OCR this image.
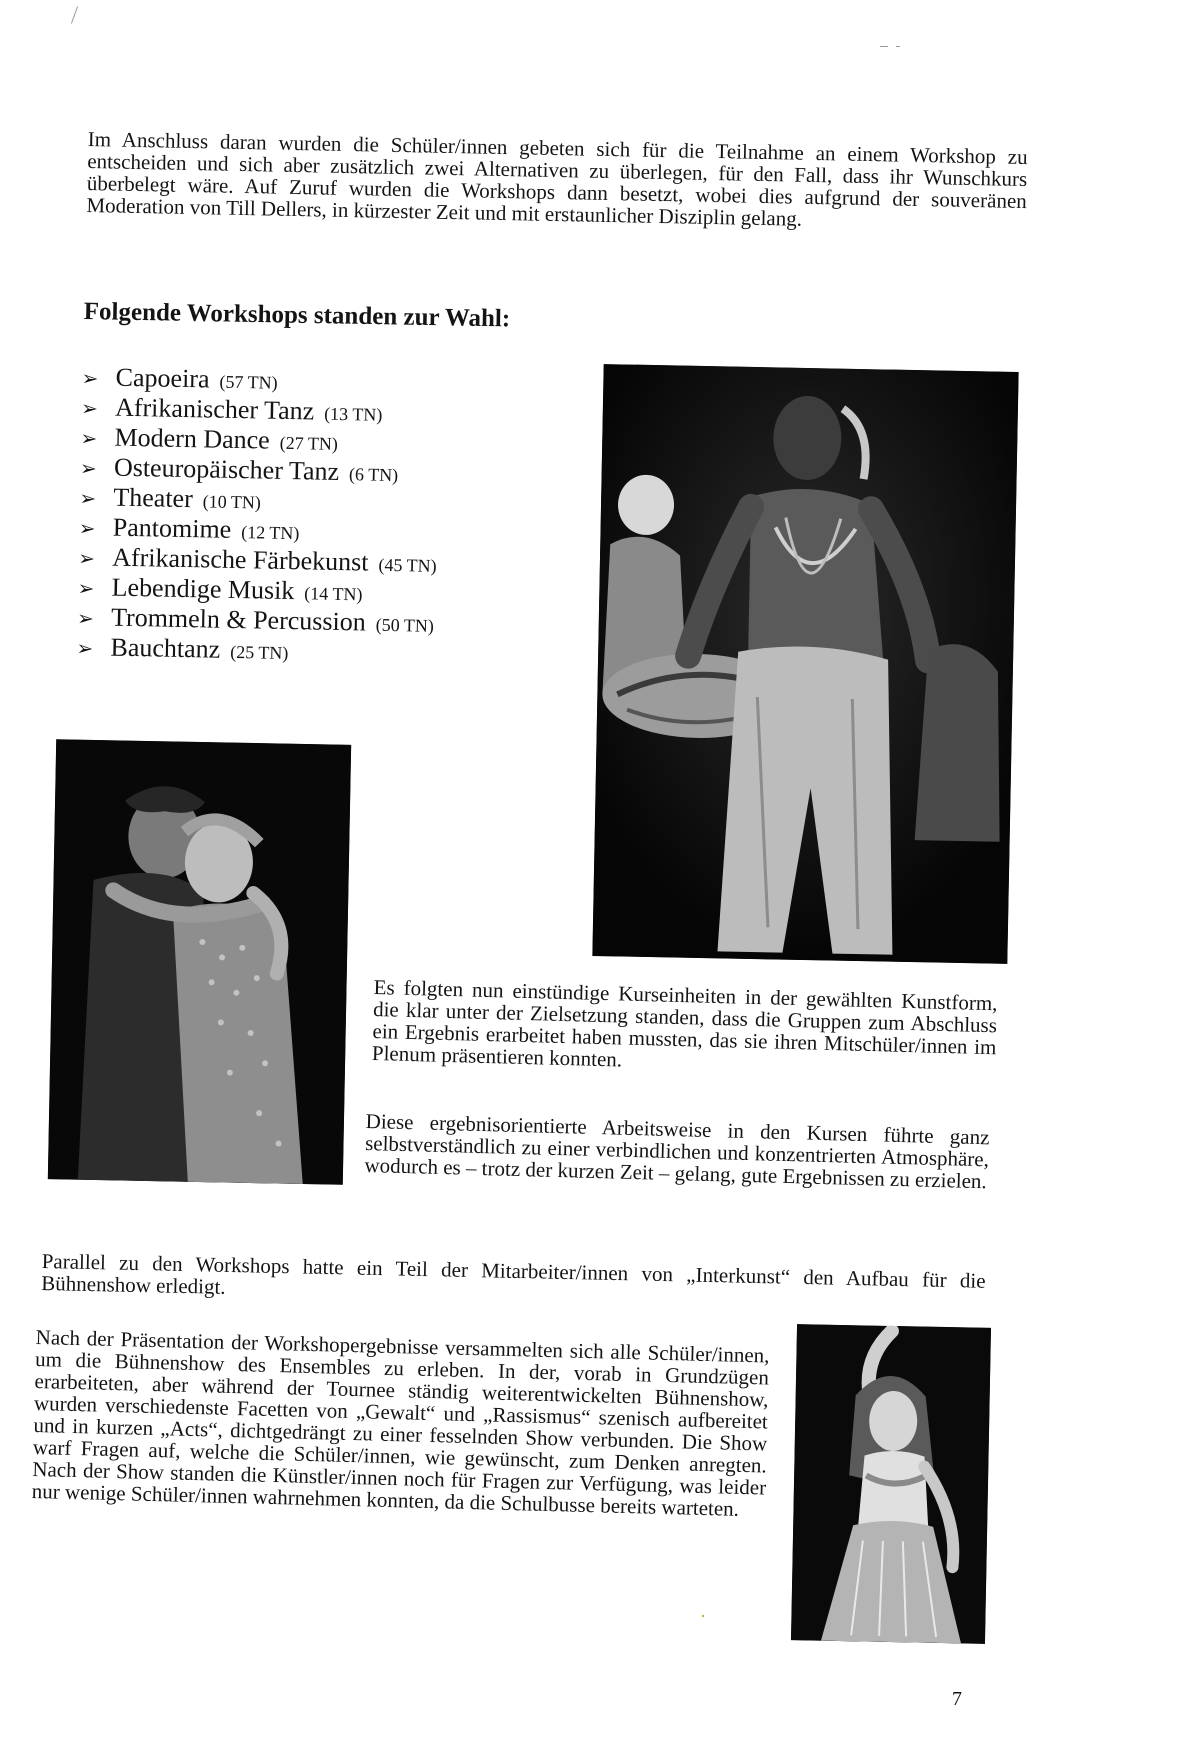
Im Anschluss daran wurden die Schüler/innen gebeten sich für die Teilnahme an einem Workshop zu entscheiden und sich aber zusätzlich zwei Alternativen zu überlegen, für den Fall, dass ihr Wunschkurs überbelegt wäre. Auf Zuruf wurden die Workshops dann besetzt, wobei dies aufgrund der souveränen Moderation von Till Dellers, in kürzester Zeit und mit erstaunlicher Disziplin gelang.

Folgende Workshops standen zur Wahl:
➢ Capoeira (57 TN)
➢ Afrikanischer Tanz (13 TN)
➢ Modern Dance (27 TN)
➢ Osteuropäischer Tanz (6 TN)
➢ Theater (10 TN)
➢ Pantomime (12 TN)
➢ Afrikanische Färbekunst (45 TN)
➢ Lebendige Musik (14 TN)
➢ Trommeln & Percussion (50 TN)
➢ Bauchtanz (25 TN)

Es folgten nun einstündige Kurseinheiten in der gewählten Kunstform, die klar unter der Zielsetzung standen, dass die Gruppen zum Abschluss ein Ergebnis erarbeitet haben mussten, das sie ihren Mitschüler/innen im Plenum präsentieren konnten.

Diese ergebnisorientierte Arbeitsweise in den Kursen führte ganz selbstverständlich zu einer verbindlichen und konzentrierten Atmosphäre, wodurch es – trotz der kurzen Zeit – gelang, gute Ergebnissen zu erzielen.

Parallel zu den Workshops hatte ein Teil der Mitarbeiter/innen von „Interkunst“ den Aufbau für die Bühnenshow erledigt.

Nach der Präsentation der Workshopergebnisse versammelten sich alle Schüler/innen, um die Bühnenshow des Ensembles zu erleben. In der, vorab in Grundzügen erarbeiteten, aber während der Tournee ständig weiterentwickelten Bühnenshow, wurden verschiedenste Facetten von „Gewalt“ und „Rassismus“ szenisch aufbereitet und in kurzen „Acts“, dichtgedrängt zu einer fesselnden Show verbunden. Die Show warf Fragen auf, welche die Schüler/innen, wie gewünscht, zum Denken anregten. Nach der Show standen die Künstler/innen noch für Fragen zur Verfügung, was leider nur wenige Schüler/innen wahrnehmen konnten, da die Schulbusse bereits warteten.

7
